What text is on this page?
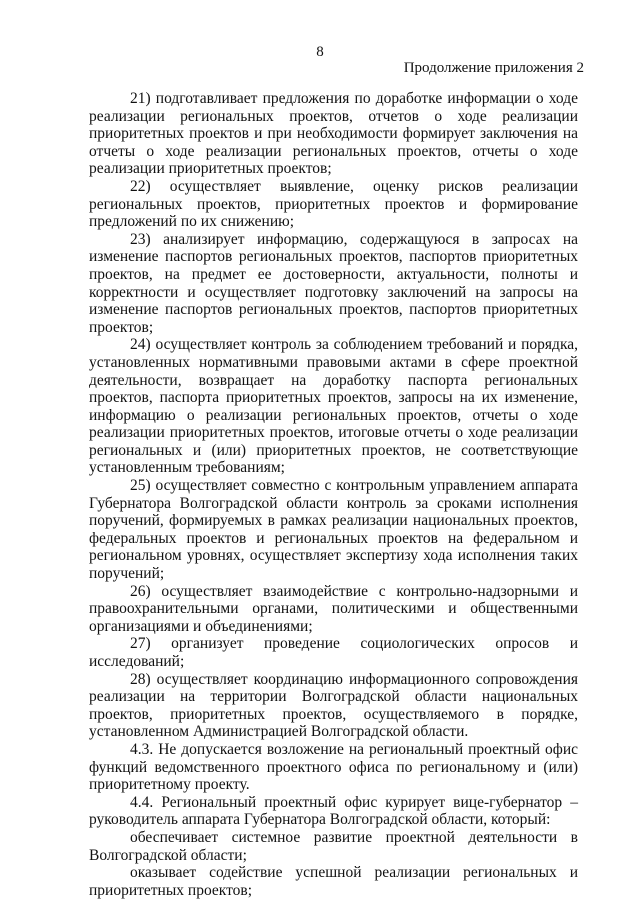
8
Продолжение приложения 2

21) подготавливает предложения по доработке информации о ходе реализации региональных проектов, отчетов о ходе реализации приоритетных проектов и при необходимости формирует заключения на отчеты о ходе реализации региональных проектов, отчеты о ходе реализации приоритетных проектов;

22) осуществляет выявление, оценку рисков реализации региональных проектов, приоритетных проектов и формирование предложений по их снижению;

23) анализирует информацию, содержащуюся в запросах на изменение паспортов региональных проектов, паспортов приоритетных проектов, на предмет ее достоверности, актуальности, полноты и корректности и осуществляет подготовку заключений на запросы на изменение паспортов региональных проектов, паспортов приоритетных проектов;

24) осуществляет контроль за соблюдением требований и порядка, установленных нормативными правовыми актами в сфере проектной деятельности, возвращает на доработку паспорта региональных проектов, паспорта приоритетных проектов, запросы на их изменение, информацию о реализации региональных проектов, отчеты о ходе реализации приоритетных проектов, итоговые отчеты о ходе реализации региональных и (или) приоритетных проектов, не соответствующие установленным требованиям;

25) осуществляет совместно с контрольным управлением аппарата Губернатора Волгоградской области контроль за сроками исполнения поручений, формируемых в рамках реализации национальных проектов, федеральных проектов и региональных проектов на федеральном и региональном уровнях, осуществляет экспертизу хода исполнения таких поручений;

26) осуществляет взаимодействие с контрольно-надзорными и правоохранительными органами, политическими и общественными организациями и объединениями;

27) организует проведение социологических опросов и исследований;

28) осуществляет координацию информационного сопровождения реализации на территории Волгоградской области национальных проектов, приоритетных проектов, осуществляемого в порядке, установленном Администрацией Волгоградской области.

4.3. Не допускается возложение на региональный проектный офис функций ведомственного проектного офиса по региональному и (или) приоритетному проекту.

4.4. Региональный проектный офис курирует вице-губернатор – руководитель аппарата Губернатора Волгоградской области, который:

обеспечивает системное развитие проектной деятельности в Волгоградской области;

оказывает содействие успешной реализации региональных и приоритетных проектов;
